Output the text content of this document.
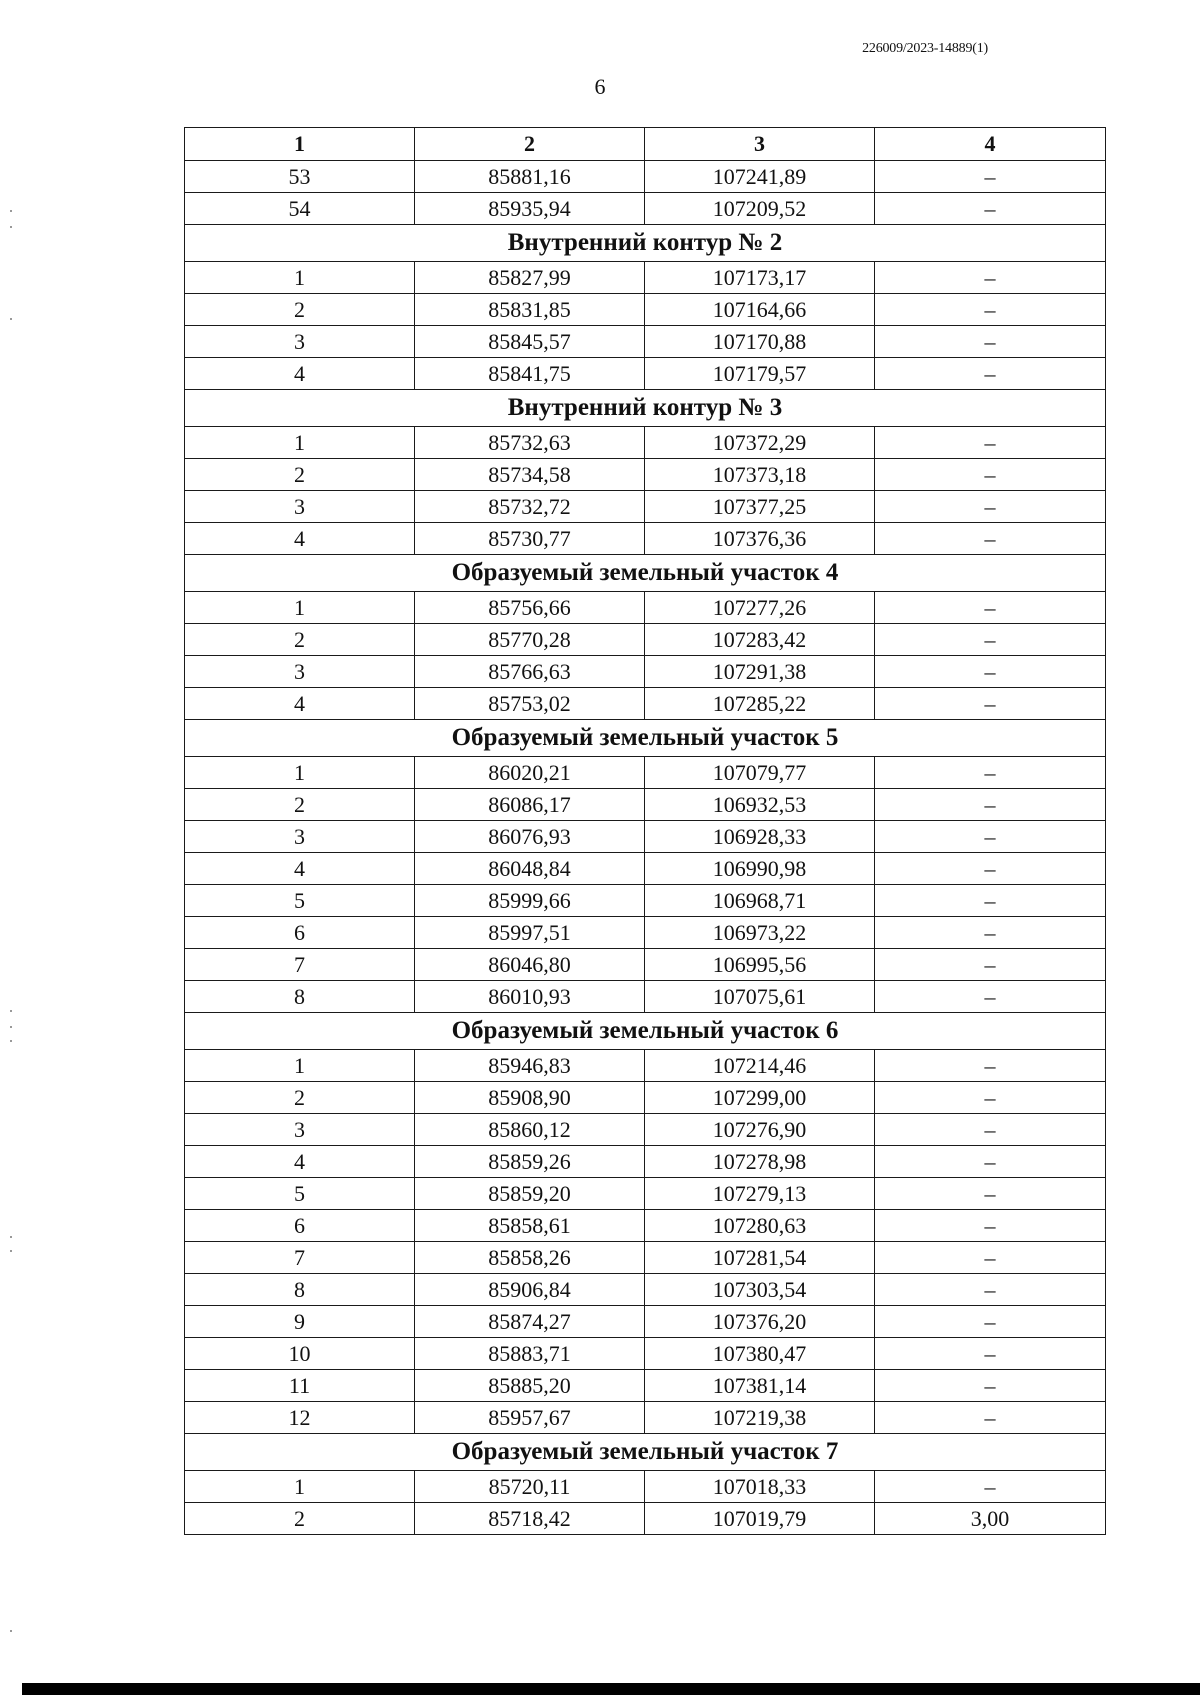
226009/2023-14889(1)
6
1	2	3	4
53	85881,16	107241,89	–
54	85935,94	107209,52	–
Внутренний контур № 2			
1	85827,99	107173,17	–
2	85831,85	107164,66	–
3	85845,57	107170,88	–
4	85841,75	107179,57	–
Внутренний контур № 3			
1	85732,63	107372,29	–
2	85734,58	107373,18	–
3	85732,72	107377,25	–
4	85730,77	107376,36	–
Образуемый земельный участок 4			
1	85756,66	107277,26	–
2	85770,28	107283,42	–
3	85766,63	107291,38	–
4	85753,02	107285,22	–
Образуемый земельный участок 5			
1	86020,21	107079,77	–
2	86086,17	106932,53	–
3	86076,93	106928,33	–
4	86048,84	106990,98	–
5	85999,66	106968,71	–
6	85997,51	106973,22	–
7	86046,80	106995,56	–
8	86010,93	107075,61	–
Образуемый земельный участок 6			
1	85946,83	107214,46	–
2	85908,90	107299,00	–
3	85860,12	107276,90	–
4	85859,26	107278,98	–
5	85859,20	107279,13	–
6	85858,61	107280,63	–
7	85858,26	107281,54	–
8	85906,84	107303,54	–
9	85874,27	107376,20	–
10	85883,71	107380,47	–
11	85885,20	107381,14	–
12	85957,67	107219,38	–
Образуемый земельный участок 7			
1	85720,11	107018,33	–
2	85718,42	107019,79	3,00
